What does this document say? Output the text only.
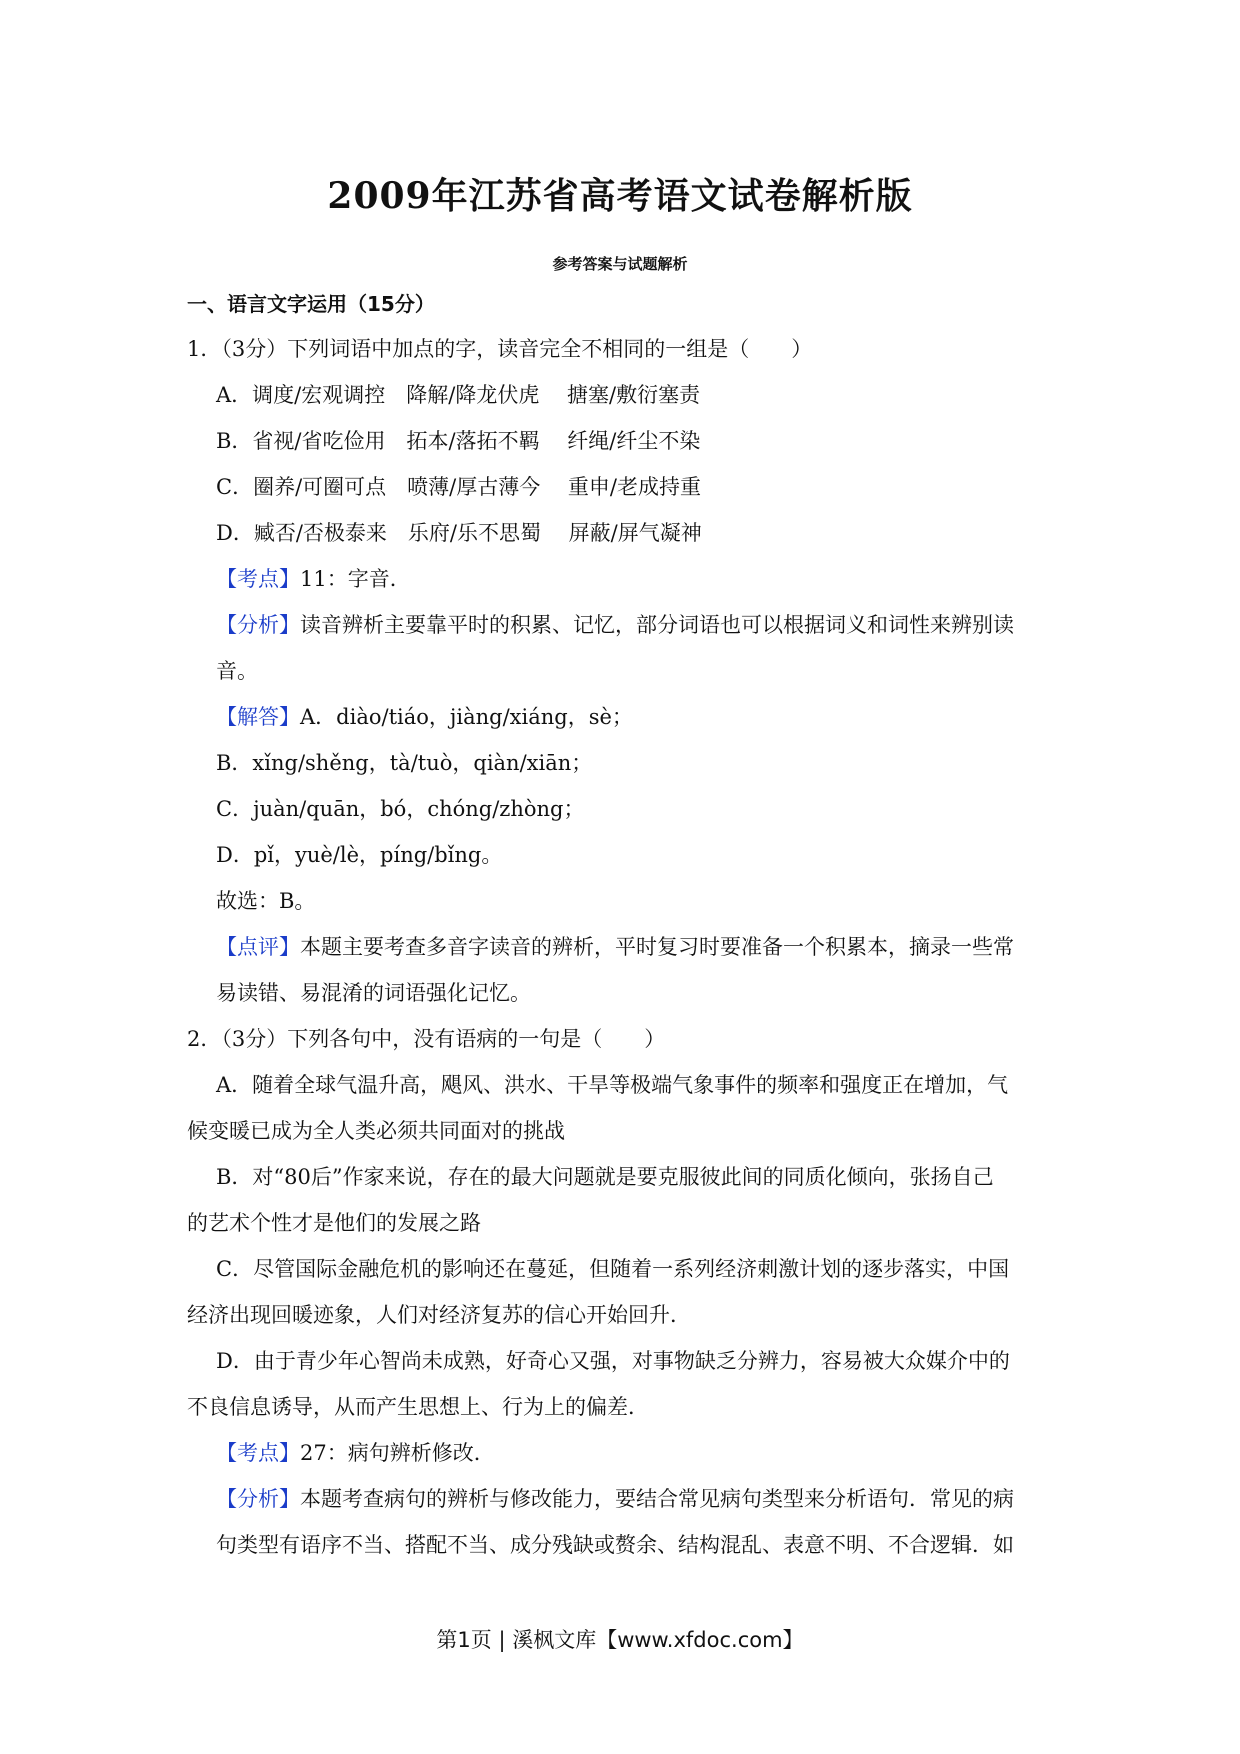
2009年江苏省高考语文试卷解析版
参考答案与试题解析
一、语言文字运用（15分）
1．（3分）下列词语中加点的字，读音完全不相同的一组是（　　）
A．调度/宏观调控　降解/降龙伏虎　 搪塞/敷衍塞责
B．省视/省吃俭用　拓本/落拓不羁　 纤绳/纤尘不染
C．圈养/可圈可点　喷薄/厚古薄今　 重申/老成持重
D．臧否/否极泰来　乐府/乐不思蜀　 屏蔽/屏气凝神
【考点】11：字音．
【分析】读音辨析主要靠平时的积累、记忆，部分词语也可以根据词义和词性来辨别读
音。
【解答】A．diào/tiáo，jiàng/xiáng，sè；
B．xǐng/shěng，tà/tuò，qiàn/xiān；
C．juàn/quān，bó，chóng/zhòng；
D．pǐ，yuè/lè，píng/bǐng。
故选：B。
【点评】本题主要考查多音字读音的辨析，平时复习时要准备一个积累本，摘录一些常
易读错、易混淆的词语强化记忆。
2．（3分）下列各句中，没有语病的一句是（　　）
A．随着全球气温升高，飓风、洪水、干旱等极端气象事件的频率和强度正在增加，气
候变暖已成为全人类必须共同面对的挑战
B．对“80后”作家来说，存在的最大问题就是要克服彼此间的同质化倾向，张扬自己
的艺术个性才是他们的发展之路
C．尽管国际金融危机的影响还在蔓延，但随着一系列经济刺激计划的逐步落实，中国
经济出现回暖迹象，人们对经济复苏的信心开始回升．
D．由于青少年心智尚未成熟，好奇心又强，对事物缺乏分辨力，容易被大众媒介中的
不良信息诱导，从而产生思想上、行为上的偏差．
【考点】27：病句辨析修改．
【分析】本题考查病句的辨析与修改能力，要结合常见病句类型来分析语句．常见的病
句类型有语序不当、搭配不当、成分残缺或赘余、结构混乱、表意不明、不合逻辑．如
第1页 | 溪枫文库【www.xfdoc.com】
